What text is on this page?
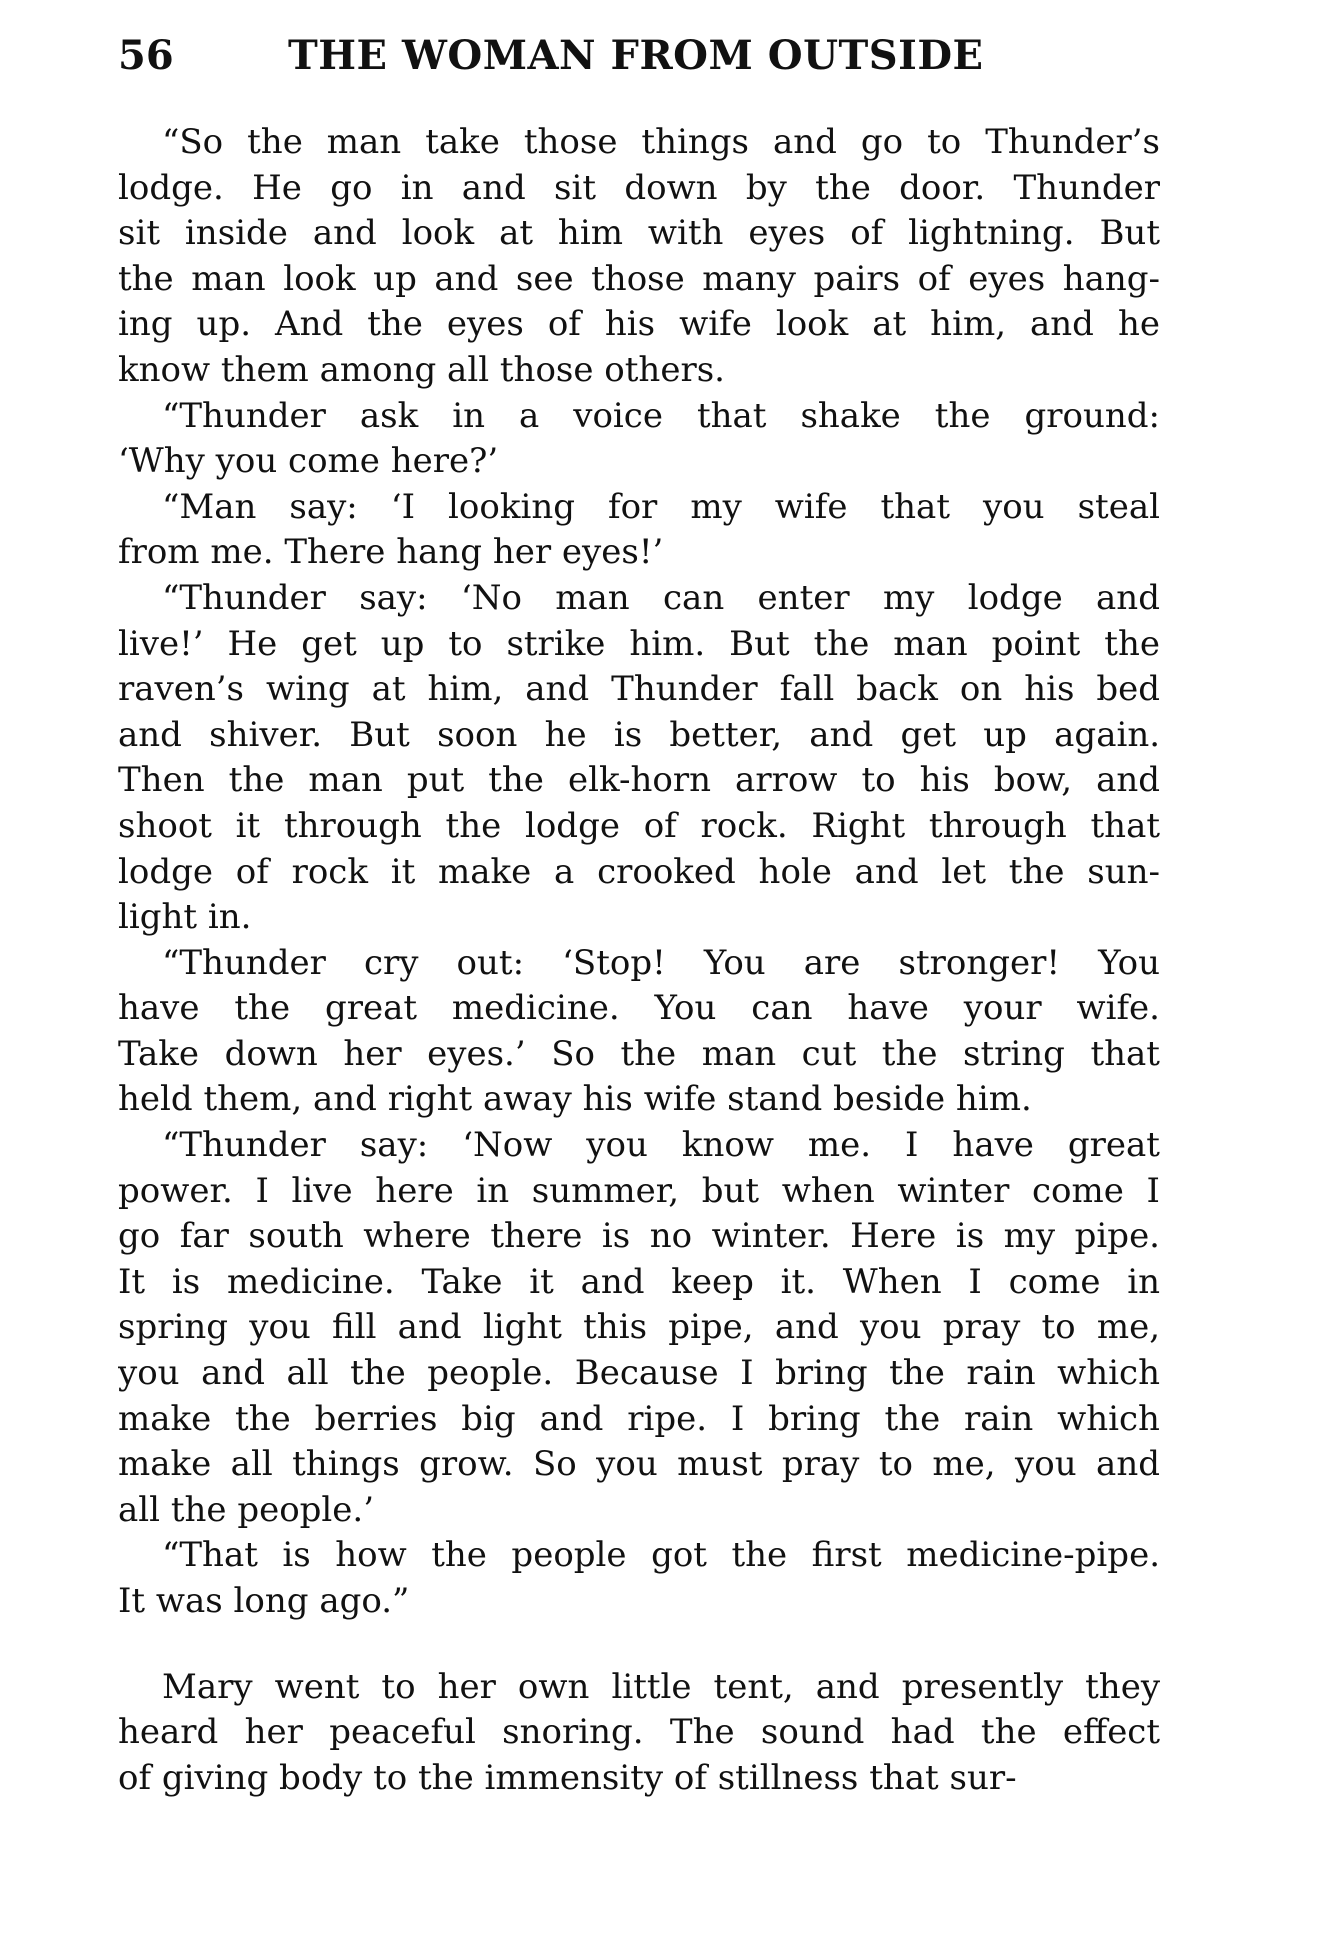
56	THE WOMAN FROM OUTSIDE

“So the man take those things and go to Thunder’s
lodge. He go in and sit down by the door. Thunder
sit inside and look at him with eyes of lightning. But
the man look up and see those many pairs of eyes hang-
ing up. And the eyes of his wife look at him, and he
know them among all those others.

“Thunder ask in a voice that shake the ground:
‘Why you come here?’

“Man say: ‘I looking for my wife that you steal
from me. There hang her eyes!’

“Thunder say: ‘No man can enter my lodge and
live!’ He get up to strike him. But the man point the
raven’s wing at him, and Thunder fall back on his bed
and shiver. But soon he is better, and get up again.
Then the man put the elk-horn arrow to his bow, and
shoot it through the lodge of rock. Right through that
lodge of rock it make a crooked hole and let the sun-
light in.

“Thunder cry out: ‘Stop! You are stronger! You
have the great medicine. You can have your wife.
Take down her eyes.’ So the man cut the string that
held them, and right away his wife stand beside him.

“Thunder say: ‘Now you know me. I have great
power. I live here in summer, but when winter come I
go far south where there is no winter. Here is my pipe.
It is medicine. Take it and keep it. When I come in
spring you fill and light this pipe, and you pray to me,
you and all the people. Because I bring the rain which
make the berries big and ripe. I bring the rain which
make all things grow. So you must pray to me, you and
all the people.’

“That is how the people got the first medicine-pipe.
It was long ago.”

Mary went to her own little tent, and presently they
heard her peaceful snoring. The sound had the effect
of giving body to the immensity of stillness that sur-
